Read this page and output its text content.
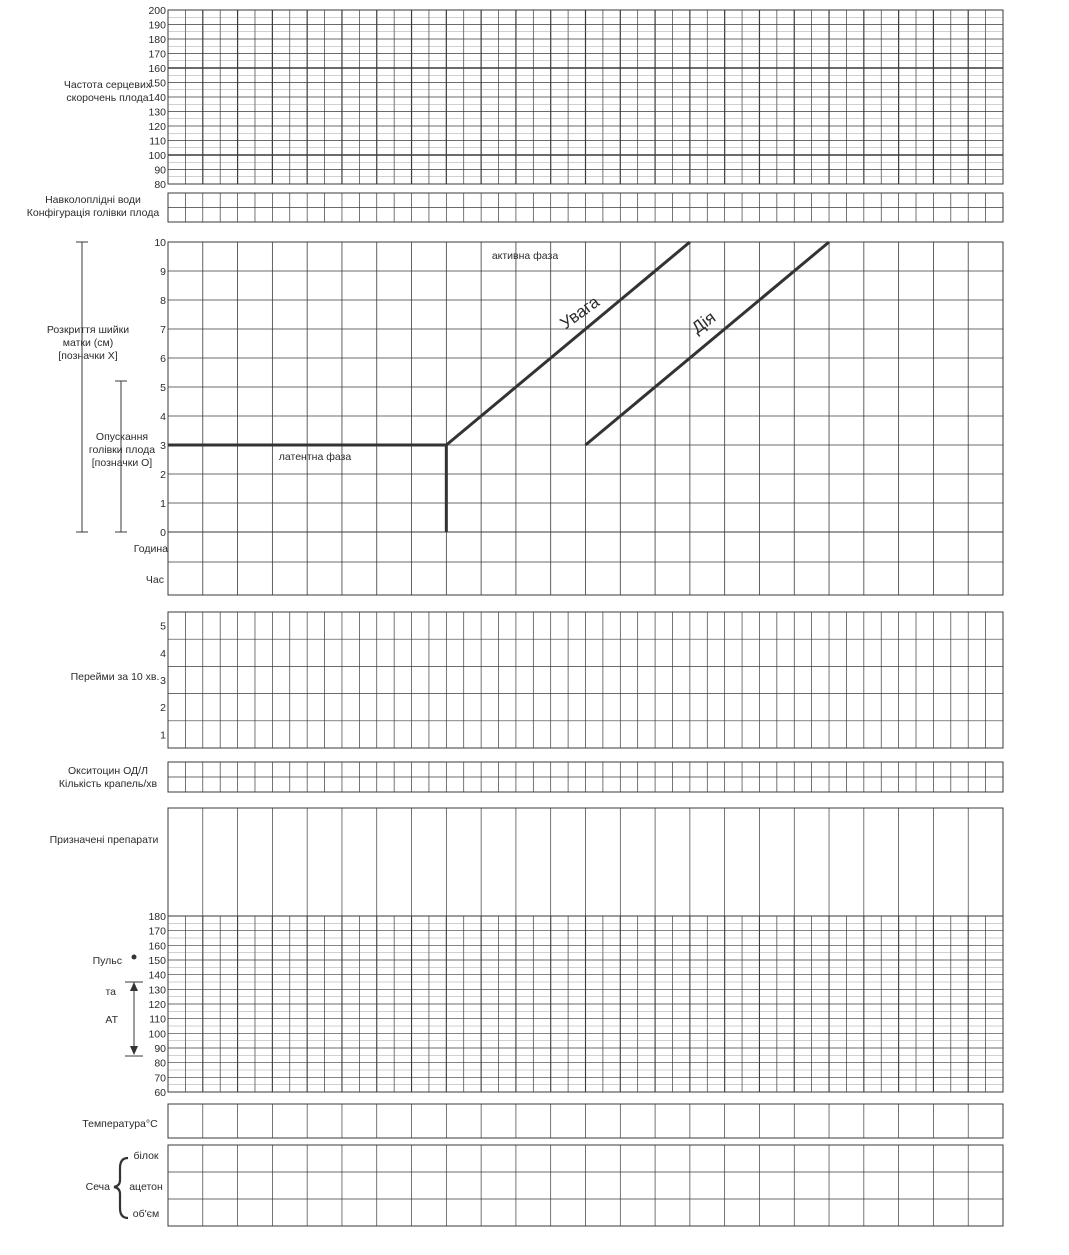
200
190
180
170
160
150
140
130
120
110
100
90
80
10
9
8
7
6
5
4
3
2
1
0
5
4
3
2
1
180
170
160
150
140
130
120
110
100
90
80
70
60
Частота серцевих
скорочень плода
Навколоплідні води
Конфігурація голівки плода
Розкриття шийки
матки (см)
[позначки X]
Опускання
голівки плода
[позначки О]
Година
Час
активна фаза
латентна фаза
Увага	Дія
Перейми за 10 хв.
Окситоцин ОД/Л
Кількість крапель/хв
Призначені препарати
Пульс
та
АТ
Температура°С
Сеча
білок
ацетон
об'єм
